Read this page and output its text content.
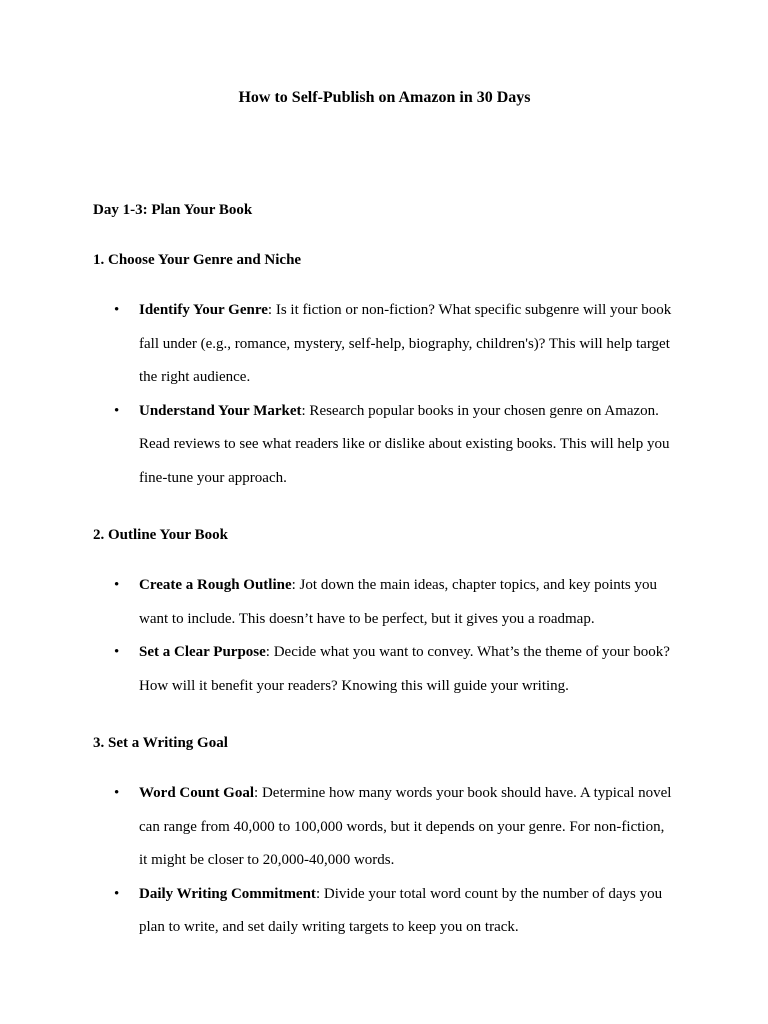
How to Self-Publish on Amazon in 30 Days
Day 1-3: Plan Your Book
1. Choose Your Genre and Niche
• Identify Your Genre: Is it fiction or non-fiction? What specific subgenre will your book fall under (e.g., romance, mystery, self-help, biography, children's)? This will help target the right audience.
• Understand Your Market: Research popular books in your chosen genre on Amazon. Read reviews to see what readers like or dislike about existing books. This will help you fine-tune your approach.
2. Outline Your Book
• Create a Rough Outline: Jot down the main ideas, chapter topics, and key points you want to include. This doesn’t have to be perfect, but it gives you a roadmap.
• Set a Clear Purpose: Decide what you want to convey. What’s the theme of your book? How will it benefit your readers? Knowing this will guide your writing.
3. Set a Writing Goal
• Word Count Goal: Determine how many words your book should have. A typical novel can range from 40,000 to 100,000 words, but it depends on your genre. For non-fiction, it might be closer to 20,000-40,000 words.
• Daily Writing Commitment: Divide your total word count by the number of days you plan to write, and set daily writing targets to keep you on track.
